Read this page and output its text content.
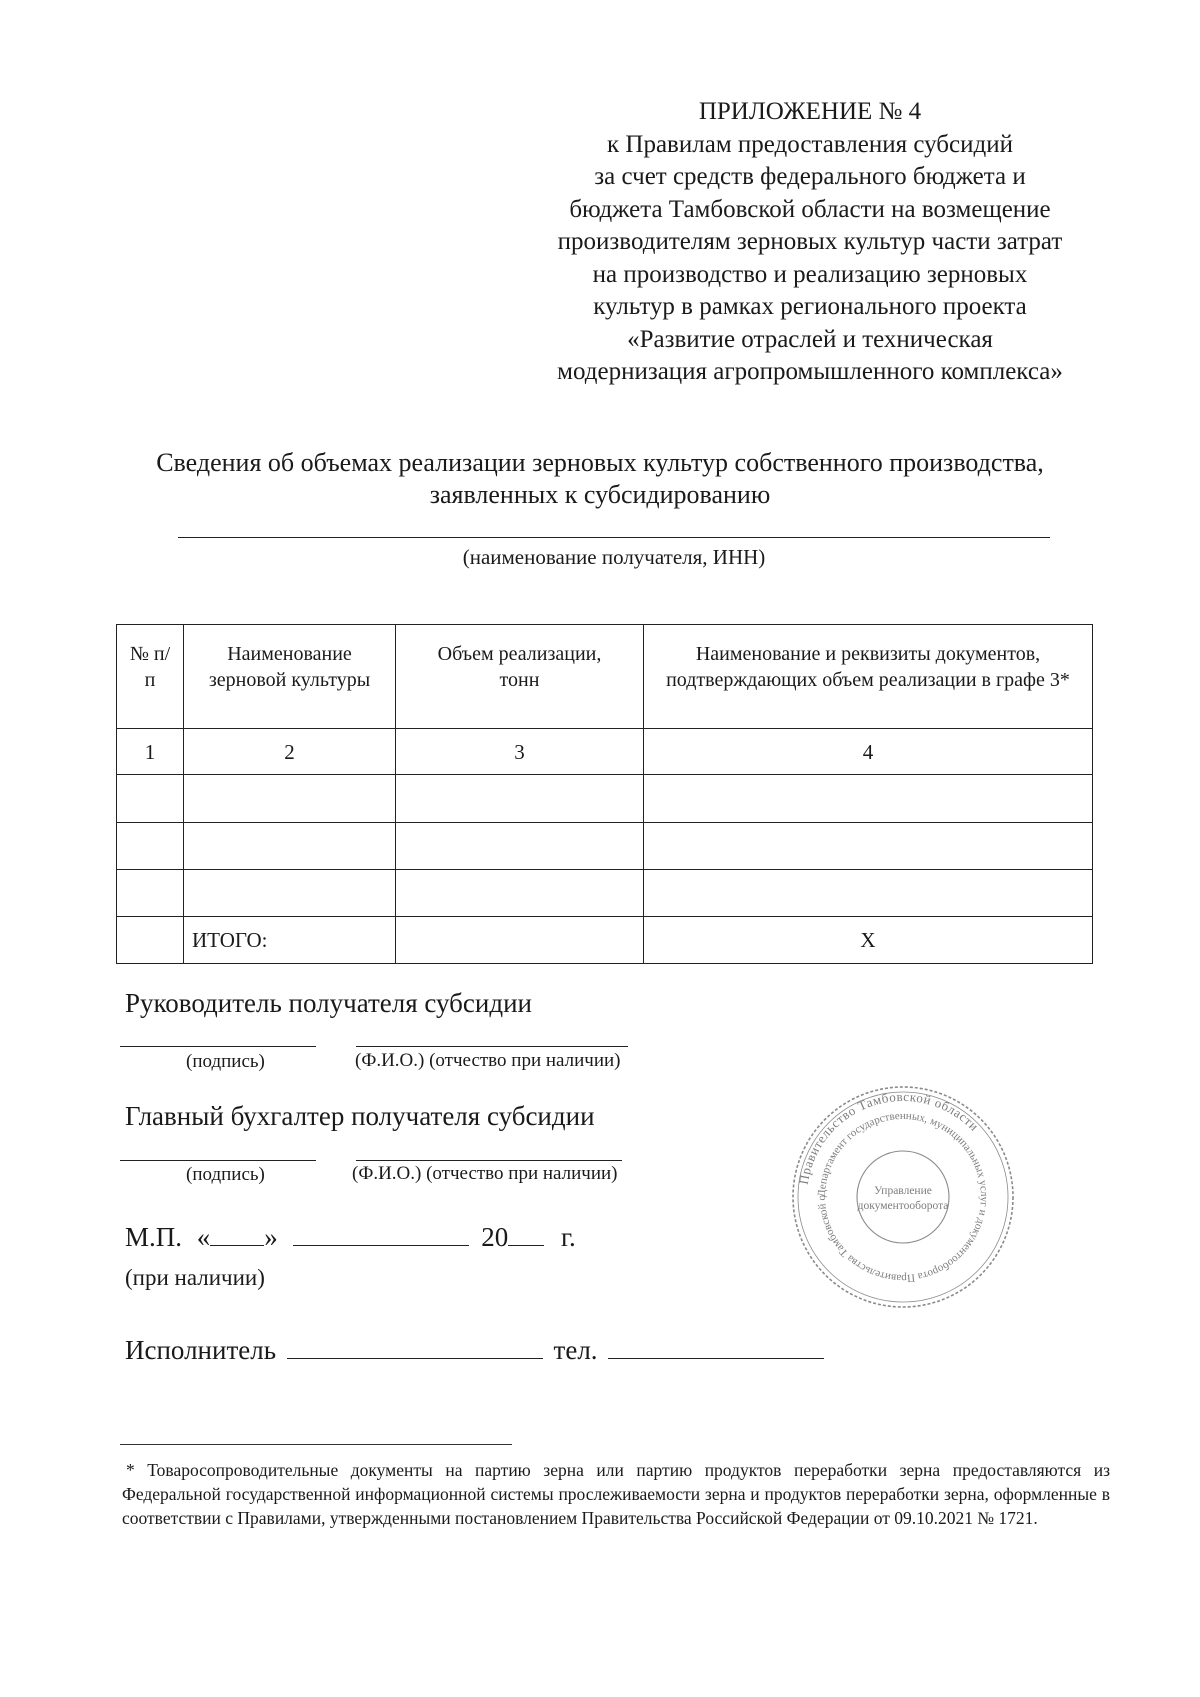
ПРИЛОЖЕНИЕ № 4
к Правилам предоставления субсидий
за счет средств федерального бюджета и
бюджета Тамбовской области на возмещение
производителям зерновых культур части затрат
на производство и реализацию зерновых
культур в рамках регионального проекта
«Развитие отраслей и техническая
модернизация агропромышленного комплекса»
Сведения об объемах реализации зерновых культур собственного производства,
заявленных к субсидированию
(наименование получателя, ИНН)
№ п/п	Наименование зерновой культуры	Объем реализации, тонн	Наименование и реквизиты документов, подтверждающих объем реализации в графе 3*
1	2	3	4

	ИТОГО:		Х
Руководитель получателя субсидии
(подпись)	(Ф.И.О.) (отчество при наличии)
Главный бухгалтер получателя субсидии
(подпись)	(Ф.И.О.) (отчество при наличии)
М.П. « »	20 г.
(при наличии)
Исполнитель	тел.
Правительство Тамбовской области
Департамент государственных, муниципальных услуг и документооборота Правительства Тамбовской о
Управление
документооборота
* Товаросопроводительные документы на партию зерна или партию продуктов переработки зерна предоставляются из Федеральной государственной информационной системы прослеживаемости зерна и продуктов переработки зерна, оформленные в соответствии с Правилами, утвержденными постановлением Правительства Российской Федерации от 09.10.2021 № 1721.
